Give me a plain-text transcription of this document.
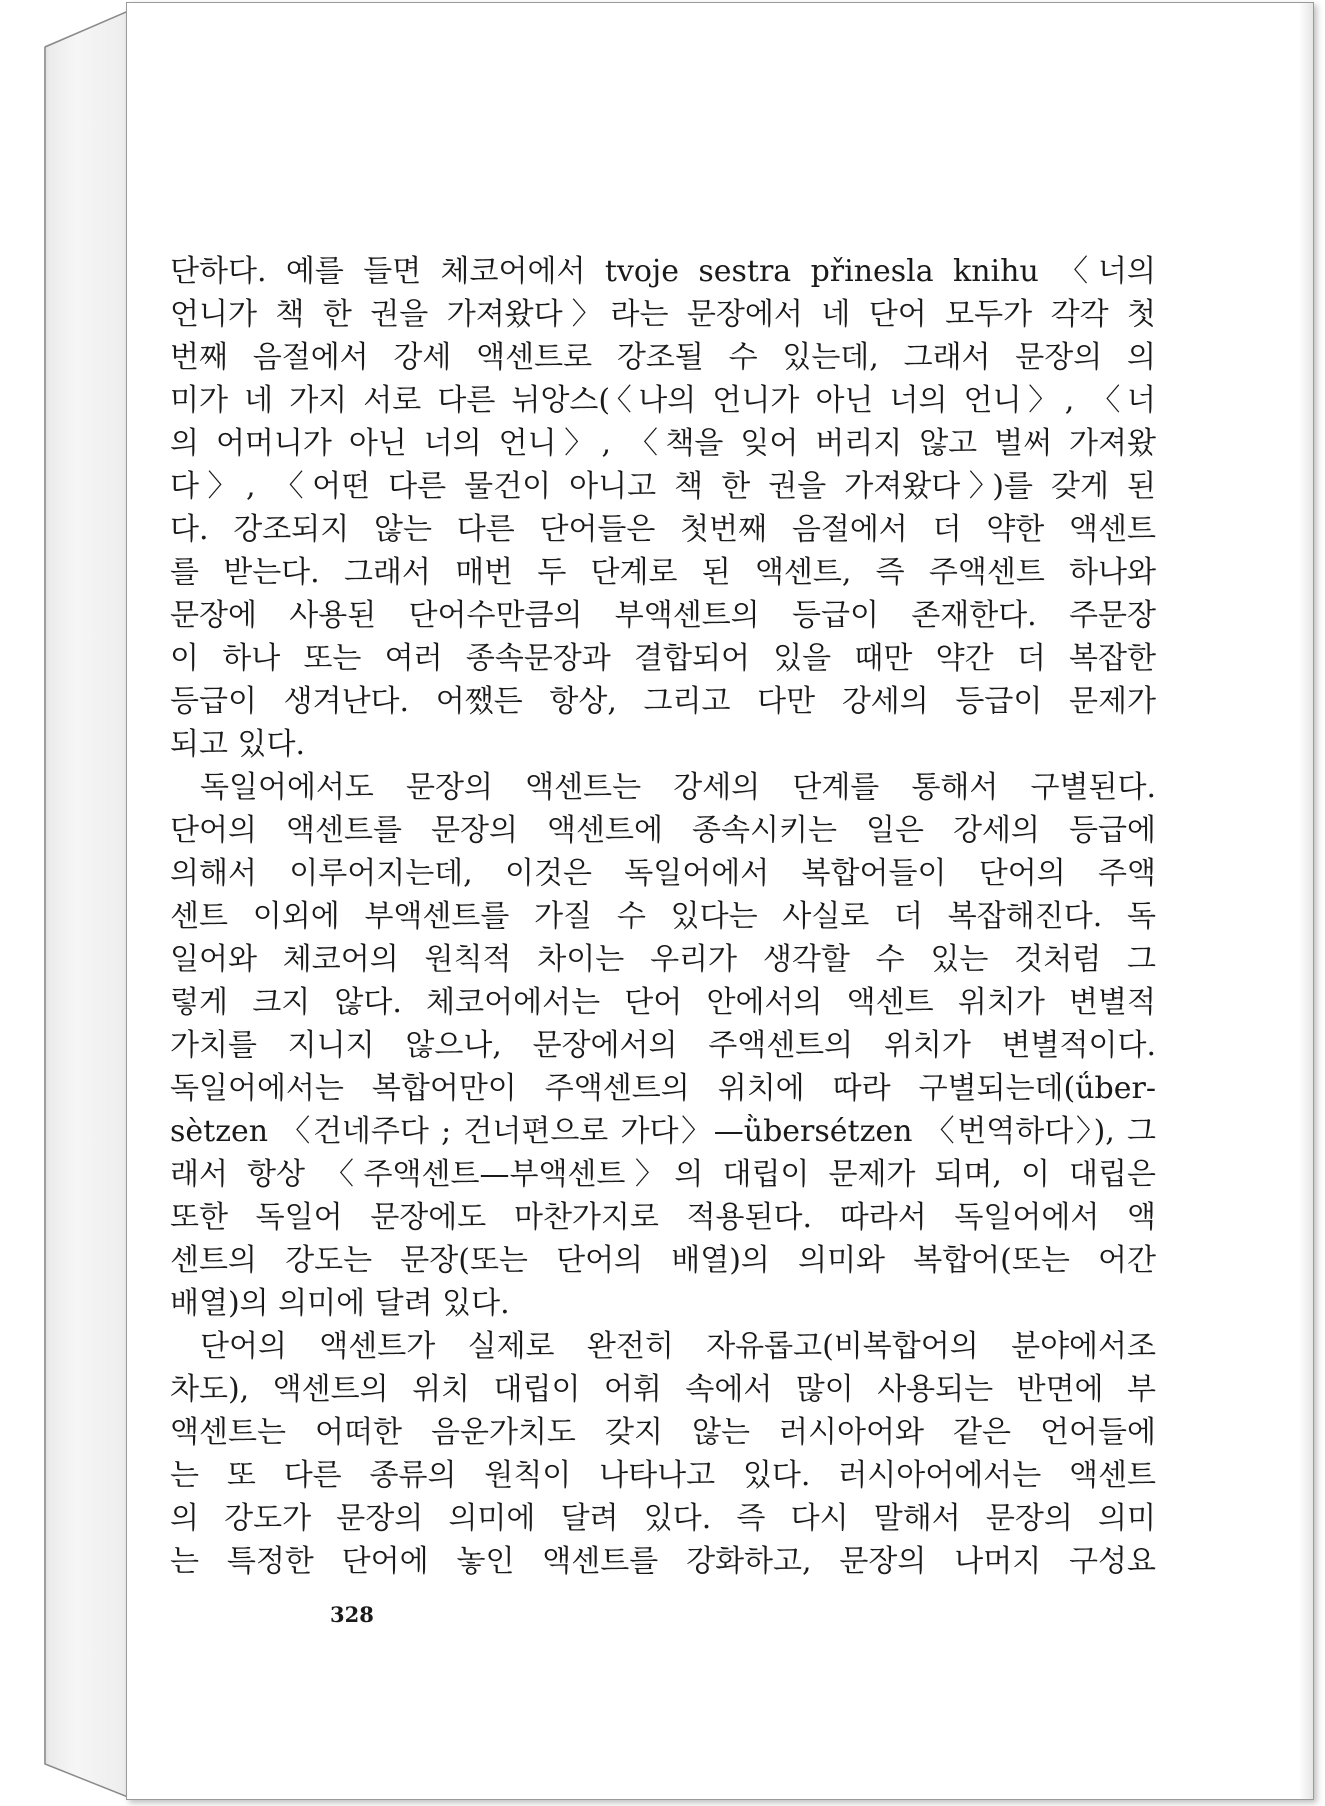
단하다. 예를 들면 체코어에서 tvoje sestra přinesla knihu 〈너의

언니가 책 한 권을 가져왔다〉라는 문장에서 네 단어 모두가 각각 첫

번째 음절에서 강세 액센트로 강조될 수 있는데, 그래서 문장의 의

미가 네 가지 서로 다른 뉘앙스(〈나의 언니가 아닌 너의 언니〉, 〈너

의 어머니가 아닌 너의 언니〉, 〈책을 잊어 버리지 않고 벌써 가져왔

다〉, 〈어떤 다른 물건이 아니고 책 한 권을 가져왔다〉)를 갖게 된

다. 강조되지 않는 다른 단어들은 첫번째 음절에서 더 약한 액센트

를 받는다. 그래서 매번 두 단계로 된 액센트, 즉 주액센트 하나와

문장에 사용된 단어수만큼의 부액센트의 등급이 존재한다. 주문장

이 하나 또는 여러 종속문장과 결합되어 있을 때만 약간 더 복잡한

등급이 생겨난다. 어쨌든 항상, 그리고 다만 강세의 등급이 문제가

되고 있다.

독일어에서도 문장의 액센트는 강세의 단계를 통해서 구별된다.

단어의 액센트를 문장의 액센트에 종속시키는 일은 강세의 등급에

의해서 이루어지는데, 이것은 독일어에서 복합어들이 단어의 주액

센트 이외에 부액센트를 가질 수 있다는 사실로 더 복잡해진다. 독

일어와 체코어의 원칙적 차이는 우리가 생각할 수 있는 것처럼 그

렇게 크지 않다. 체코어에서는 단어 안에서의 액센트 위치가 변별적

가치를 지니지 않으나, 문장에서의 주액센트의 위치가 변별적이다.

독일어에서는 복합어만이 주액센트의 위치에 따라 구별되는데(ǘber-

sètzen 〈건네주다 ; 건너편으로 가다〉—ǜbersétzen 〈번역하다〉), 그

래서 항상 〈주액센트—부액센트〉의 대립이 문제가 되며, 이 대립은

또한 독일어 문장에도 마찬가지로 적용된다. 따라서 독일어에서 액

센트의 강도는 문장(또는 단어의 배열)의 의미와 복합어(또는 어간

배열)의 의미에 달려 있다.

단어의 액센트가 실제로 완전히 자유롭고(비복합어의 분야에서조

차도), 액센트의 위치 대립이 어휘 속에서 많이 사용되는 반면에 부

액센트는 어떠한 음운가치도 갖지 않는 러시아어와 같은 언어들에

는 또 다른 종류의 원칙이 나타나고 있다. 러시아어에서는 액센트

의 강도가 문장의 의미에 달려 있다. 즉 다시 말해서 문장의 의미

는 특정한 단어에 놓인 액센트를 강화하고, 문장의 나머지 구성요

328
